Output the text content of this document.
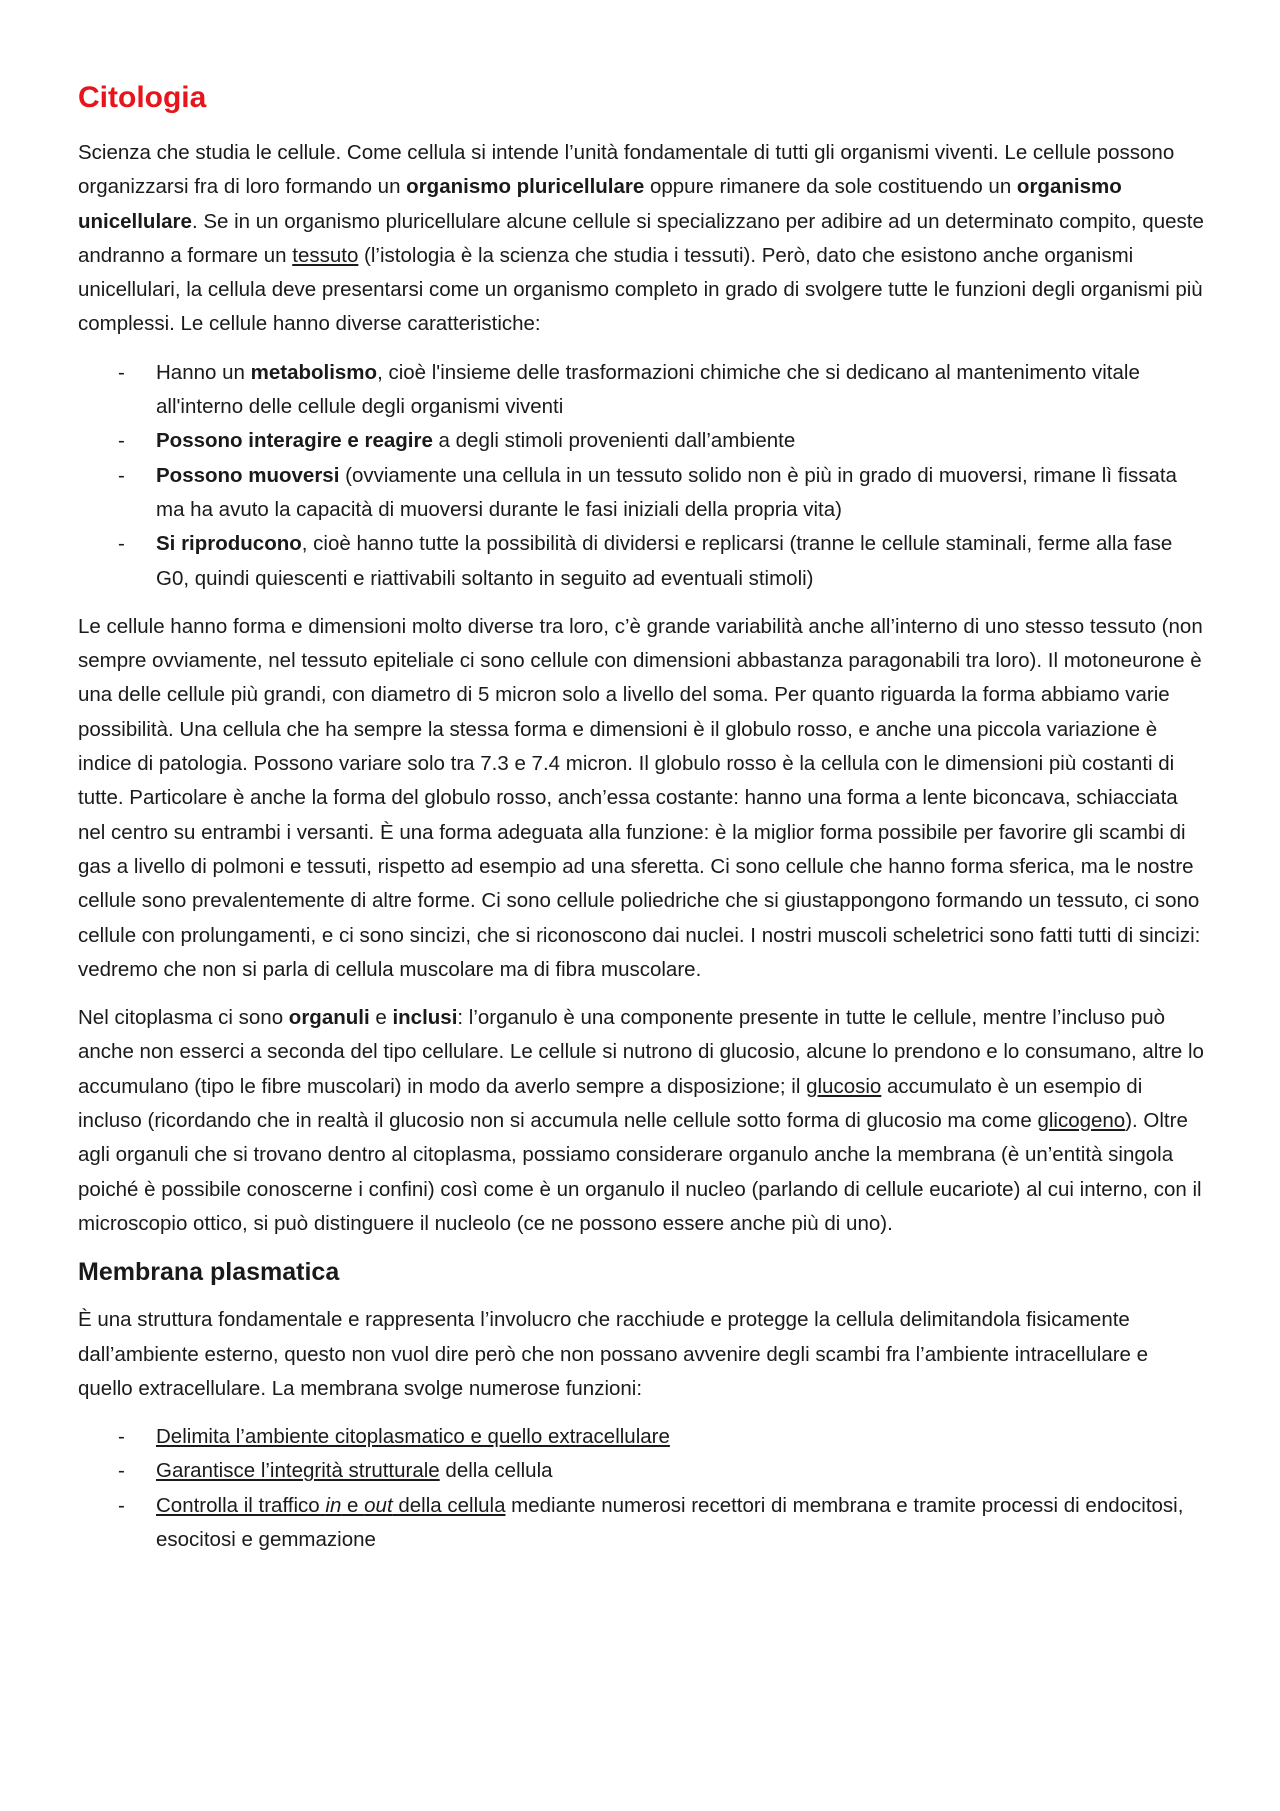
Citologia

Scienza che studia le cellule. Come cellula si intende l’unità fondamentale di tutti gli organismi viventi. Le cellule possono organizzarsi fra di loro formando un organismo pluricellulare oppure rimanere da sole costituendo un organismo unicellulare. Se in un organismo pluricellulare alcune cellule si specializzano per adibire ad un determinato compito, queste andranno a formare un tessuto (l’istologia è la scienza che studia i tessuti). Però, dato che esistono anche organismi unicellulari, la cellula deve presentarsi come un organismo completo in grado di svolgere tutte le funzioni degli organismi più complessi. Le cellule hanno diverse caratteristiche:

- Hanno un metabolismo, cioè l'insieme delle trasformazioni chimiche che si dedicano al mantenimento vitale all'interno delle cellule degli organismi viventi
- Possono interagire e reagire a degli stimoli provenienti dall’ambiente
- Possono muoversi (ovviamente una cellula in un tessuto solido non è più in grado di muoversi, rimane lì fissata ma ha avuto la capacità di muoversi durante le fasi iniziali della propria vita)
- Si riproducono, cioè hanno tutte la possibilità di dividersi e replicarsi (tranne le cellule staminali, ferme alla fase G0, quindi quiescenti e riattivabili soltanto in seguito ad eventuali stimoli)

Le cellule hanno forma e dimensioni molto diverse tra loro, c’è grande variabilità anche all’interno di uno stesso tessuto (non sempre ovviamente, nel tessuto epiteliale ci sono cellule con dimensioni abbastanza paragonabili tra loro). Il motoneurone è una delle cellule più grandi, con diametro di 5 micron solo a livello del soma. Per quanto riguarda la forma abbiamo varie possibilità. Una cellula che ha sempre la stessa forma e dimensioni è il globulo rosso, e anche una piccola variazione è indice di patologia. Possono variare solo tra 7.3 e 7.4 micron. Il globulo rosso è la cellula con le dimensioni più costanti di tutte. Particolare è anche la forma del globulo rosso, anch’essa costante: hanno una forma a lente biconcava, schiacciata nel centro su entrambi i versanti. È una forma adeguata alla funzione: è la miglior forma possibile per favorire gli scambi di gas a livello di polmoni e tessuti, rispetto ad esempio ad una sferetta. Ci sono cellule che hanno forma sferica, ma le nostre cellule sono prevalentemente di altre forme. Ci sono cellule poliedriche che si giustappongono formando un tessuto, ci sono cellule con prolungamenti, e ci sono sincizi, che si riconoscono dai nuclei. I nostri muscoli scheletrici sono fatti tutti di sincizi: vedremo che non si parla di cellula muscolare ma di fibra muscolare.

Nel citoplasma ci sono organuli e inclusi: l’organulo è una componente presente in tutte le cellule, mentre l’incluso può anche non esserci a seconda del tipo cellulare. Le cellule si nutrono di glucosio, alcune lo prendono e lo consumano, altre lo accumulano (tipo le fibre muscolari) in modo da averlo sempre a disposizione; il glucosio accumulato è un esempio di incluso (ricordando che in realtà il glucosio non si accumula nelle cellule sotto forma di glucosio ma come glicogeno). Oltre agli organuli che si trovano dentro al citoplasma, possiamo considerare organulo anche la membrana (è un’entità singola poiché è possibile conoscerne i confini) così come è un organulo il nucleo (parlando di cellule eucariote) al cui interno, con il microscopio ottico, si può distinguere il nucleolo (ce ne possono essere anche più di uno).

Membrana plasmatica

È una struttura fondamentale e rappresenta l’involucro che racchiude e protegge la cellula delimitandola fisicamente dall’ambiente esterno, questo non vuol dire però che non possano avvenire degli scambi fra l’ambiente intracellulare e quello extracellulare. La membrana svolge numerose funzioni:

- Delimita l’ambiente citoplasmatico e quello extracellulare
- Garantisce l’integrità strutturale della cellula
- Controlla il traffico in e out della cellula mediante numerosi recettori di membrana e tramite processi di endocitosi, esocitosi e gemmazione
